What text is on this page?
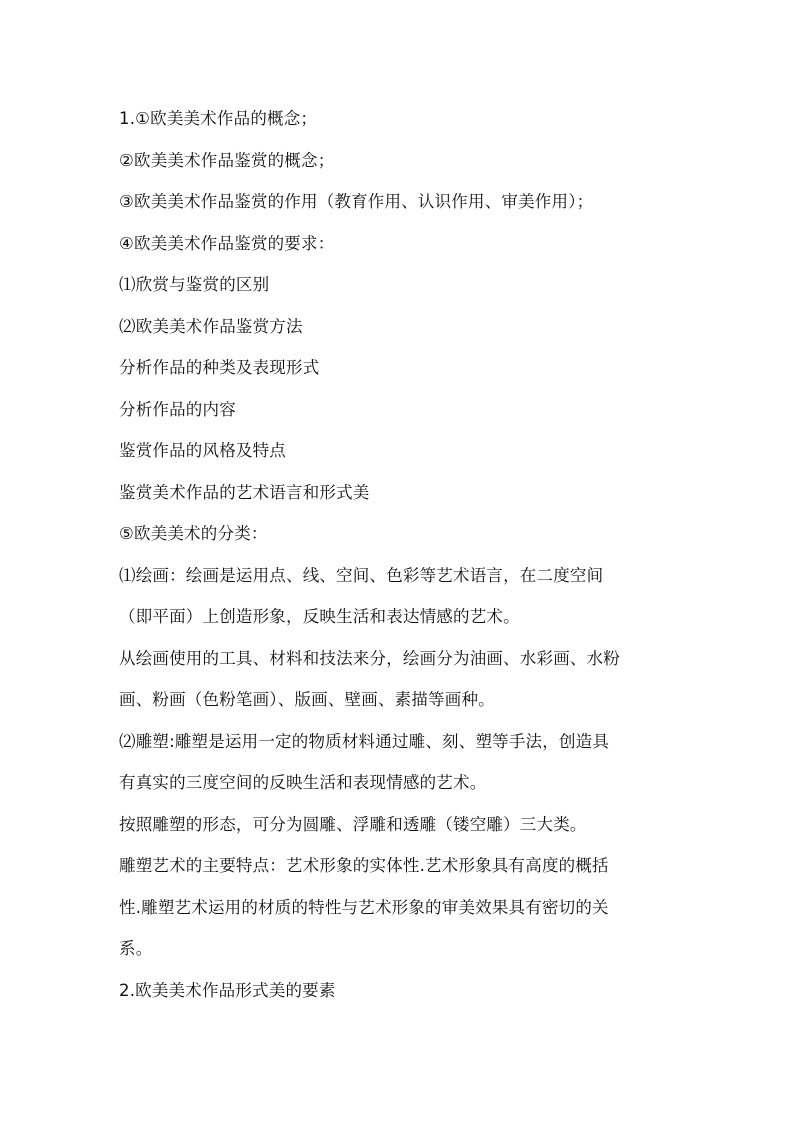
1.①欧美美术作品的概念；
②欧美美术作品鉴赏的概念；
③欧美美术作品鉴赏的作用（教育作用、认识作用、审美作用）；
④欧美美术作品鉴赏的要求：
⑴欣赏与鉴赏的区别
⑵欧美美术作品鉴赏方法
分析作品的种类及表现形式
分析作品的内容
鉴赏作品的风格及特点
鉴赏美术作品的艺术语言和形式美
⑤欧美美术的分类：
⑴绘画：绘画是运用点、线、空间、色彩等艺术语言，在二度空间
（即平面）上创造形象，反映生活和表达情感的艺术。
从绘画使用的工具、材料和技法来分，绘画分为油画、水彩画、水粉
画、粉画（色粉笔画）、版画、壁画、素描等画种。
⑵雕塑:雕塑是运用一定的物质材料通过雕、刻、塑等手法，创造具
有真实的三度空间的反映生活和表现情感的艺术。
按照雕塑的形态，可分为圆雕、浮雕和透雕（镂空雕）三大类。
雕塑艺术的主要特点：艺术形象的实体性.艺术形象具有高度的概括
性.雕塑艺术运用的材质的特性与艺术形象的审美效果具有密切的关
系。
2.欧美美术作品形式美的要素
